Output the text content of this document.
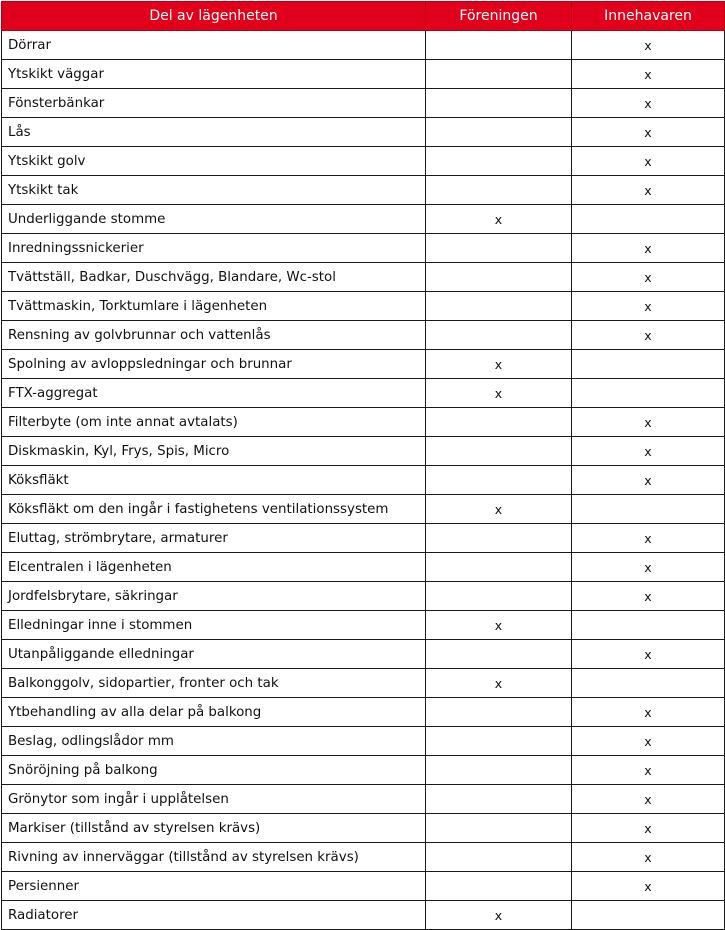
Del av lägenheten	Föreningen	Innehavaren
Dörrar		x
Ytskikt väggar		x
Fönsterbänkar		x
Lås		x
Ytskikt golv		x
Ytskikt tak		x
Underliggande stomme	x	
Inredningssnickerier		x
Tvättställ, Badkar, Duschvägg, Blandare, Wc-stol		x
Tvättmaskin, Torktumlare i lägenheten		x
Rensning av golvbrunnar och vattenlås		x
Spolning av avloppsledningar och brunnar	x	
FTX-aggregat	x	
Filterbyte (om inte annat avtalats)		x
Diskmaskin, Kyl, Frys, Spis, Micro		x
Köksfläkt		x
Köksfläkt om den ingår i fastighetens ventilationssystem	x	
Eluttag, strömbrytare, armaturer		x
Elcentralen i lägenheten		x
Jordfelsbrytare, säkringar		x
Elledningar inne i stommen	x	
Utanpåliggande elledningar		x
Balkonggolv, sidopartier, fronter och tak	x	
Ytbehandling av alla delar på balkong		x
Beslag, odlingslådor mm		x
Snöröjning på balkong		x
Grönytor som ingår i upplåtelsen		x
Markiser (tillstånd av styrelsen krävs)		x
Rivning av innerväggar (tillstånd av styrelsen krävs)		x
Persienner		x
Radiatorer	x	
